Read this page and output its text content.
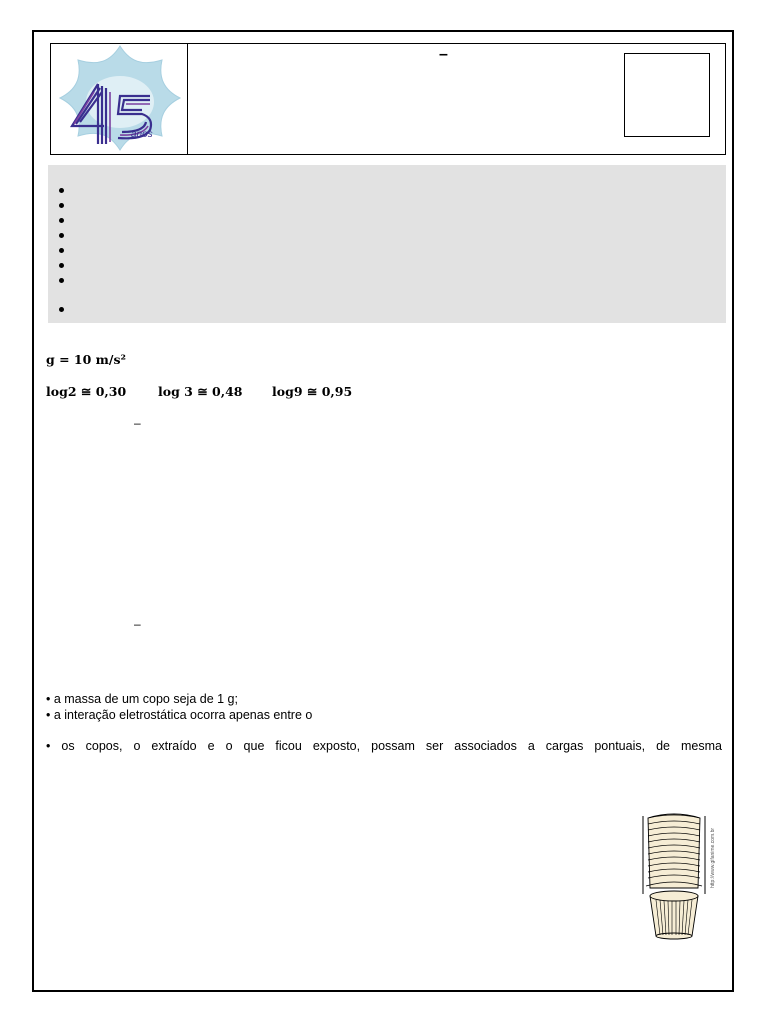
anos
–
g = 10 m/s²
log2 ≅ 0,30	log 3 ≅ 0,48 log9 ≅ 0,95
–
–
• a massa de um copo seja de 1 g;
• a interação eletrostática ocorra apenas entre o
• os copos, o extraído e o que ficou exposto, possam ser associados a cargas pontuais, de mesma
http://www.gifanime.com.br
